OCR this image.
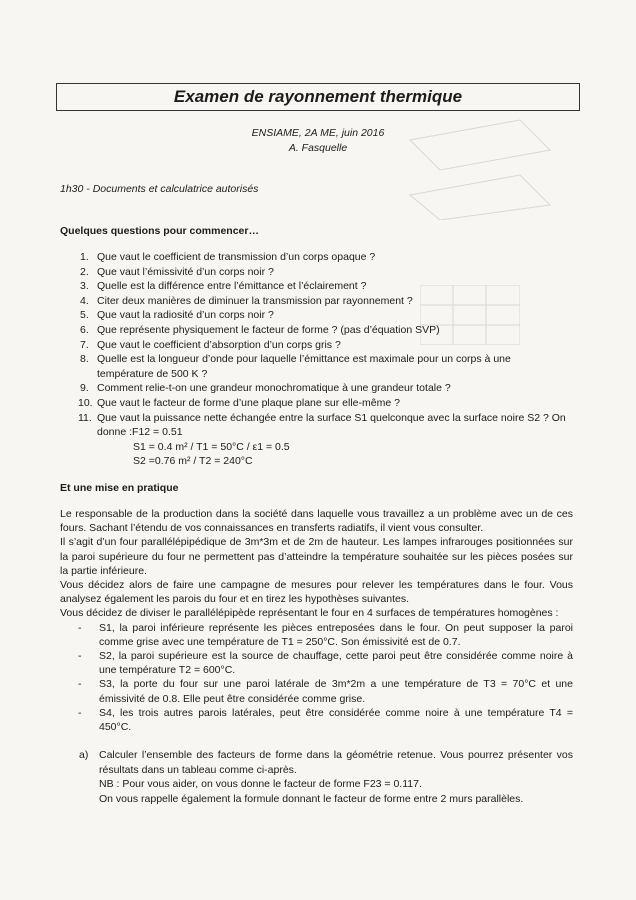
Examen de rayonnement thermique
ENSIAME, 2A ME, juin 2016
A. Fasquelle
1h30 - Documents et calculatrice autorisés
Quelques questions pour commencer…
1. Que vaut le coefficient de transmission d’un corps opaque ?
2. Que vaut l’émissivité d’un corps noir ?
3. Quelle est la différence entre l’émittance et l’éclairement ?
4. Citer deux manières de diminuer la transmission par rayonnement ?
5. Que vaut la radiosité d’un corps noir ?
6. Que représente physiquement le facteur de forme ? (pas d’équation SVP)
7. Que vaut le coefficient d’absorption d’un corps gris ?
8. Quelle est la longueur d’onde pour laquelle l’émittance est maximale pour un corps à une
température de 500 K ?
9. Comment relie-t-on une grandeur monochromatique à une grandeur totale ?
10. Que vaut le facteur de forme d’une plaque plane sur elle-même ?
11. Que vaut la puissance nette échangée entre la surface S1 quelconque avec la surface noire S2 ? On
donne :F12 = 0.51
S1 = 0.4 m² / T1 = 50°C / ε1 = 0.5
S2 =0.76 m² / T2 = 240°C
Et une mise en pratique

Le responsable de la production dans la société dans laquelle vous travaillez a un problème avec un de ces fours. Sachant l’étendu de vos connaissances en transferts radiatifs, il vient vous consulter.

Il s’agit d’un four parallélépipédique de 3m*3m et de 2m de hauteur. Les lampes infrarouges positionnées sur la paroi supérieure du four ne permettent pas d’atteindre la température souhaitée sur les pièces posées sur la partie inférieure.

Vous décidez alors de faire une campagne de mesures pour relever les températures dans le four. Vous analysez également les parois du four et en tirez les hypothèses suivantes.

Vous décidez de diviser le parallélépipède représentant le four en 4 surfaces de températures homogènes :

- S1, la paroi inférieure représente les pièces entreposées dans le four. On peut supposer la paroi comme grise avec une température de T1 = 250°C. Son émissivité est de 0.7.
- S2, la paroi supérieure est la source de chauffage, cette paroi peut être considérée comme noire à une température T2 = 600°C.
- S3, la porte du four sur une paroi latérale de 3m*2m a une température de T3 = 70°C et une émissivité de 0.8. Elle peut être considérée comme grise.
- S4, les trois autres parois latérales, peut être considérée comme noire à une température T4 = 450°C.
a) Calculer l’ensemble des facteurs de forme dans la géométrie retenue. Vous pourrez présenter vos résultats dans un tableau comme ci-après.
NB : Pour vous aider, on vous donne le facteur de forme F23 = 0.117.
On vous rappelle également la formule donnant le facteur de forme entre 2 murs parallèles.
